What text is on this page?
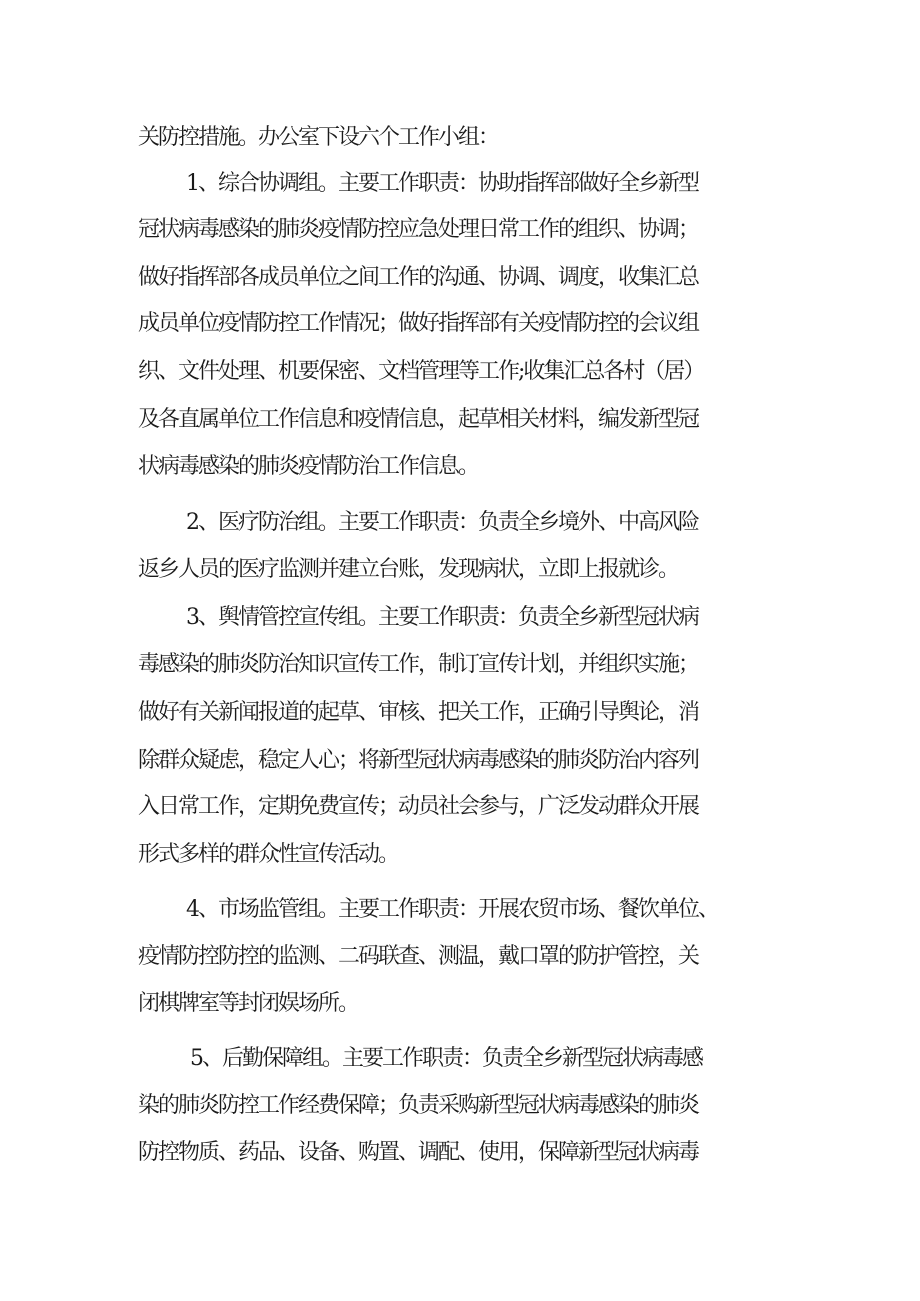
关防控措施。办公室下设六个工作小组：
1、综合协调组。主要工作职责：协助指挥部做好全乡新型
冠状病毒感染的肺炎疫情防控应急处理日常工作的组织、协调；
做好指挥部各成员单位之间工作的沟通、协调、调度，收集汇总
成员单位疫情防控工作情况；做好指挥部有关疫情防控的会议组
织、文件处理、机要保密、文档管理等工作;收集汇总各村（居）
及各直属单位工作信息和疫情信息，起草相关材料，编发新型冠
状病毒感染的肺炎疫情防治工作信息。
2、医疗防治组。主要工作职责：负责全乡境外、中高风险
返乡人员的医疗监测并建立台账，发现病状，立即上报就诊。
3、舆情管控宣传组。主要工作职责：负责全乡新型冠状病
毒感染的肺炎防治知识宣传工作，制订宣传计划，并组织实施；
做好有关新闻报道的起草、审核、把关工作，正确引导舆论，消
除群众疑虑，稳定人心；将新型冠状病毒感染的肺炎防治内容列
入日常工作，定期免费宣传；动员社会参与，广泛发动群众开展
形式多样的群众性宣传活动。
4、市场监管组。主要工作职责：开展农贸市场、餐饮单位、
疫情防控防控的监测、二码联查、测温，戴口罩的防护管控，关
闭棋牌室等封闭娱场所。
5、后勤保障组。主要工作职责：负责全乡新型冠状病毒感
染的肺炎防控工作经费保障；负责采购新型冠状病毒感染的肺炎
防控物质、药品、设备、购置、调配、使用，保障新型冠状病毒
